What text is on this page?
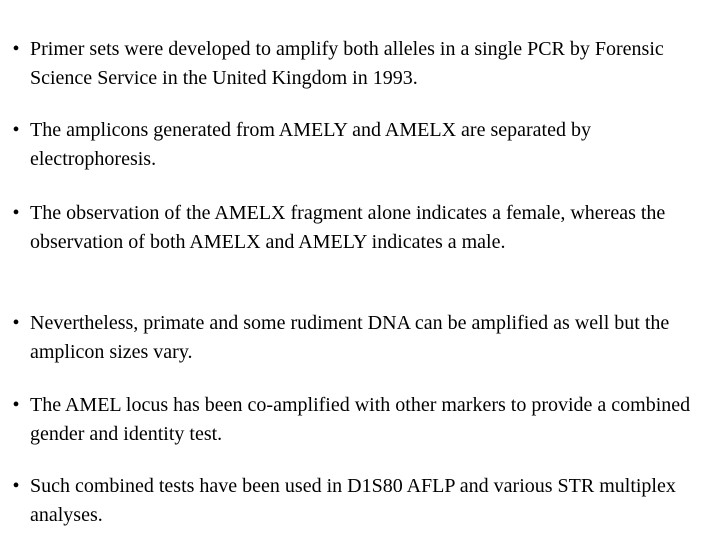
• Primer sets were developed to amplify both alleles in a single PCR by Forensic Science Service in the United Kingdom in 1993.
• The amplicons generated from AMELY and AMELX are separated by electrophoresis.
• The observation of the AMELX fragment alone indicates a female, whereas the observation of both AMELX and AMELY indicates a male.
• Nevertheless, primate and some rudiment DNA can be amplified as well but the amplicon sizes vary.
• The AMEL locus has been co-amplified with other markers to provide a combined gender and identity test.
• Such combined tests have been used in D1S80 AFLP and various STR multiplex analyses.
